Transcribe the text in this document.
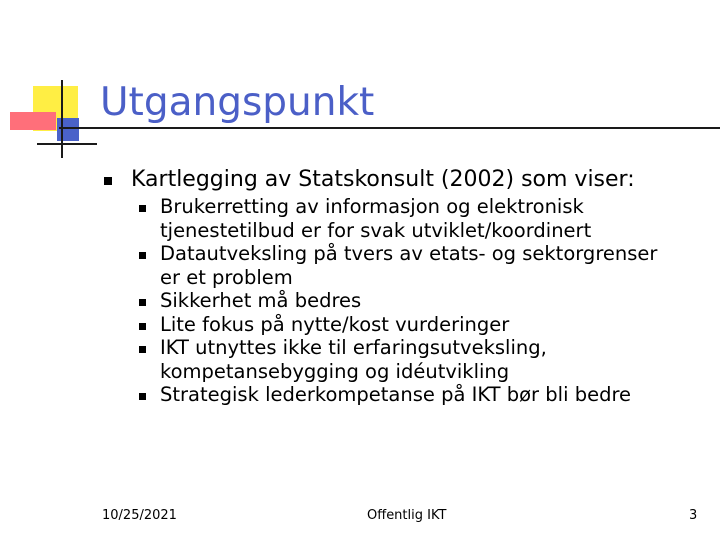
Utgangspunkt
Kartlegging av Statskonsult (2002) som viser:
Brukerretting av informasjon og elektronisk
tjenestetilbud er for svak utviklet/koordinert
Datautveksling på tvers av etats- og sektorgrenser
er et problem
Sikkerhet må bedres
Lite fokus på nytte/kost vurderinger
IKT utnyttes ikke til erfaringsutveksling,
kompetansebygging og idéutvikling
Strategisk lederkompetanse på IKT bør bli bedre
10/25/2021	Offentlig IKT	3
